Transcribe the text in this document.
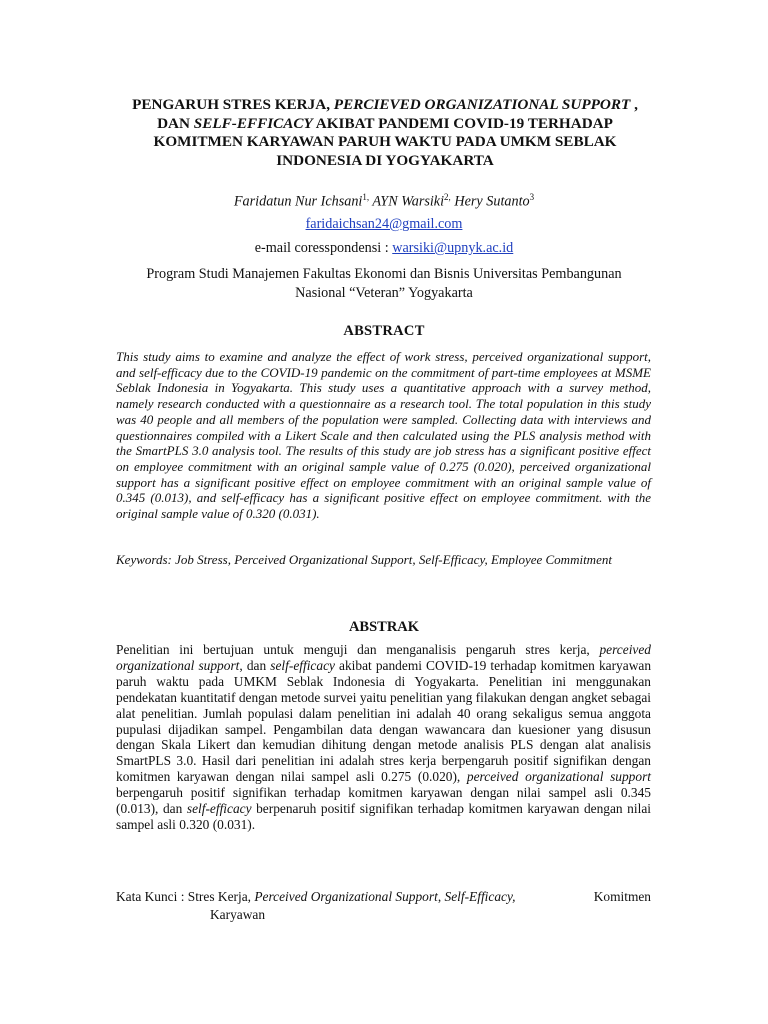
PENGARUH STRES KERJA, PERCIEVED ORGANIZATIONAL SUPPORT ,
DAN SELF-EFFICACY AKIBAT PANDEMI COVID-19 TERHADAP
KOMITMEN KARYAWAN PARUH WAKTU PADA UMKM SEBLAK
INDONESIA DI YOGYAKARTA
Faridatun Nur Ichsani$^{1,}$ AYN Warsiki$^{2,}$ Hery Sutanto$^3$
faridaichsan24@gmail.com
e-mail coresspondensi : warsiki@upnyk.ac.id
Program Studi Manajemen Fakultas Ekonomi dan Bisnis Universitas Pembangunan
Nasional “Veteran” Yogyakarta
ABSTRACT
This study aims to examine and analyze the effect of work stress, perceived organizational support, and self-efficacy due to the COVID-19 pandemic on the commitment of part-time employees at MSME Seblak Indonesia in Yogyakarta. This study uses a quantitative approach with a survey method, namely research conducted with a questionnaire as a research tool. The total population in this study was 40 people and all members of the population were sampled. Collecting data with interviews and questionnaires compiled with a Likert Scale and then calculated using the PLS analysis method with the SmartPLS 3.0 analysis tool. The results of this study are job stress has a significant positive effect on employee commitment with an original sample value of 0.275 (0.020), perceived organizational support has a significant positive effect on employee commitment with an original sample value of 0.345 (0.013), and self-efficacy has a significant positive effect on employee commitment. with the original sample value of 0.320 (0.031).
Keywords: Job Stress, Perceived Organizational Support, Self-Efficacy, Employee Commitment
ABSTRAK
Penelitian ini bertujuan untuk menguji dan menganalisis pengaruh stres kerja, perceived organizational support, dan self-efficacy akibat pandemi COVID-19 terhadap komitmen karyawan paruh waktu pada UMKM Seblak Indonesia di Yogyakarta. Penelitian ini menggunakan pendekatan kuantitatif dengan metode survei yaitu penelitian yang filakukan dengan angket sebagai alat penelitian. Jumlah populasi dalam penelitian ini adalah 40 orang sekaligus semua anggota pupulasi dijadikan sampel. Pengambilan data dengan wawancara dan kuesioner yang disusun dengan Skala Likert dan kemudian dihitung dengan metode analisis PLS dengan alat analisis SmartPLS 3.0. Hasil dari penelitian ini adalah stres kerja berpengaruh positif signifikan dengan komitmen karyawan dengan nilai sampel asli 0.275 (0.020), perceived organizational support berpengaruh positif signifikan terhadap komitmen karyawan dengan nilai sampel asli 0.345 (0.013), dan self-efficacy berpenaruh positif signifikan terhadap komitmen karyawan dengan nilai sampel asli 0.320 (0.031).
Kata Kunci : Stres Kerja, Perceived Organizational Support, Self-Efficacy,	Komitmen
Karyawan
